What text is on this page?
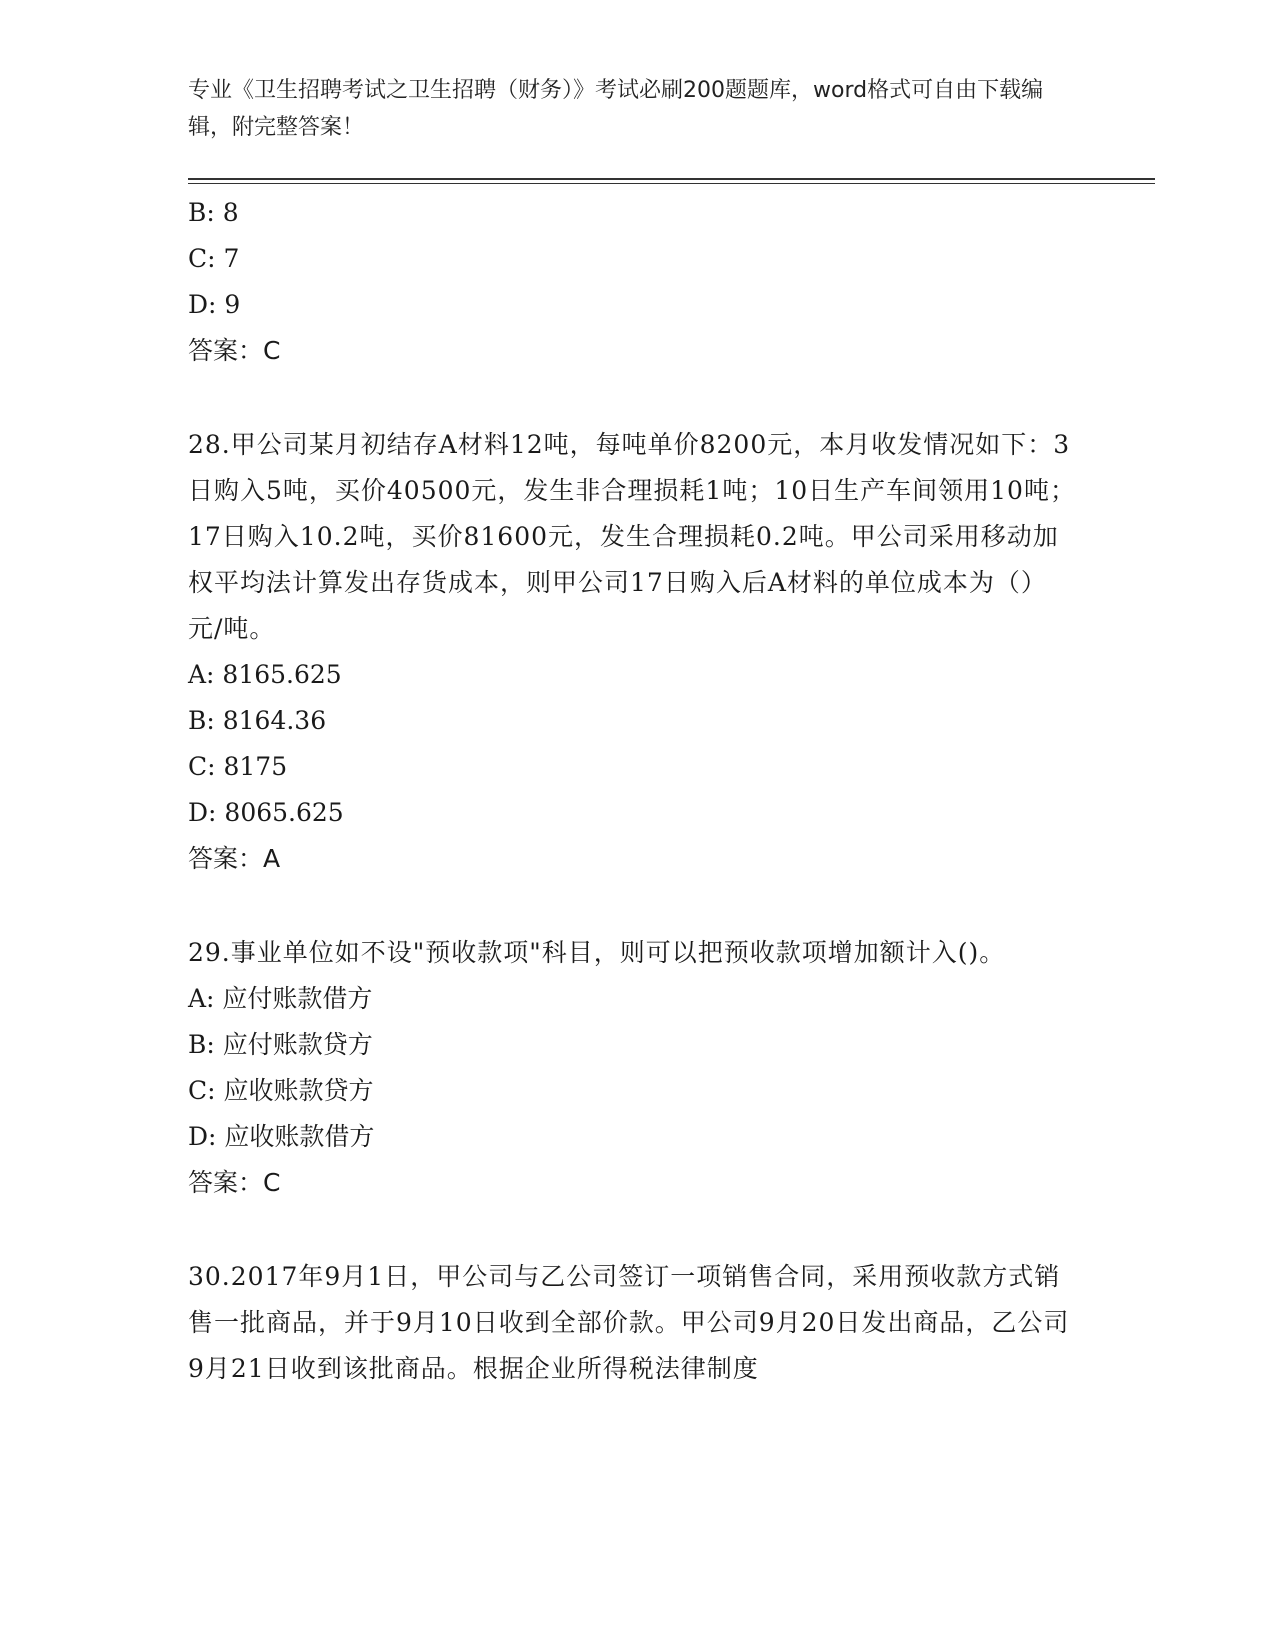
专业《卫生招聘考试之卫生招聘（财务）》考试必刷200题题库，word格式可自由下载编辑，附完整答案！
B: 8
C: 7
D: 9
答案：C
28.甲公司某月初结存A材料12吨，每吨单价8200元，本月收发情况如下：3日购入5吨，买价40500元，发生非合理损耗1吨；10日生产车间领用10吨；17日购入10.2吨，买价81600元，发生合理损耗0.2吨。甲公司采用移动加权平均法计算发出存货成本，则甲公司17日购入后A材料的单位成本为（）元/吨。
A: 8165.625
B: 8164.36
C: 8175
D: 8065.625
答案：A
29.事业单位如不设"预收款项"科目，则可以把预收款项增加额计入()。
A: 应付账款借方
B: 应付账款贷方
C: 应收账款贷方
D: 应收账款借方
答案：C
30.2017年9月1日，甲公司与乙公司签订一项销售合同，采用预收款方式销售一批商品，并于9月10日收到全部价款。甲公司9月20日发出商品，乙公司9月21日收到该批商品。根据企业所得税法律制度
